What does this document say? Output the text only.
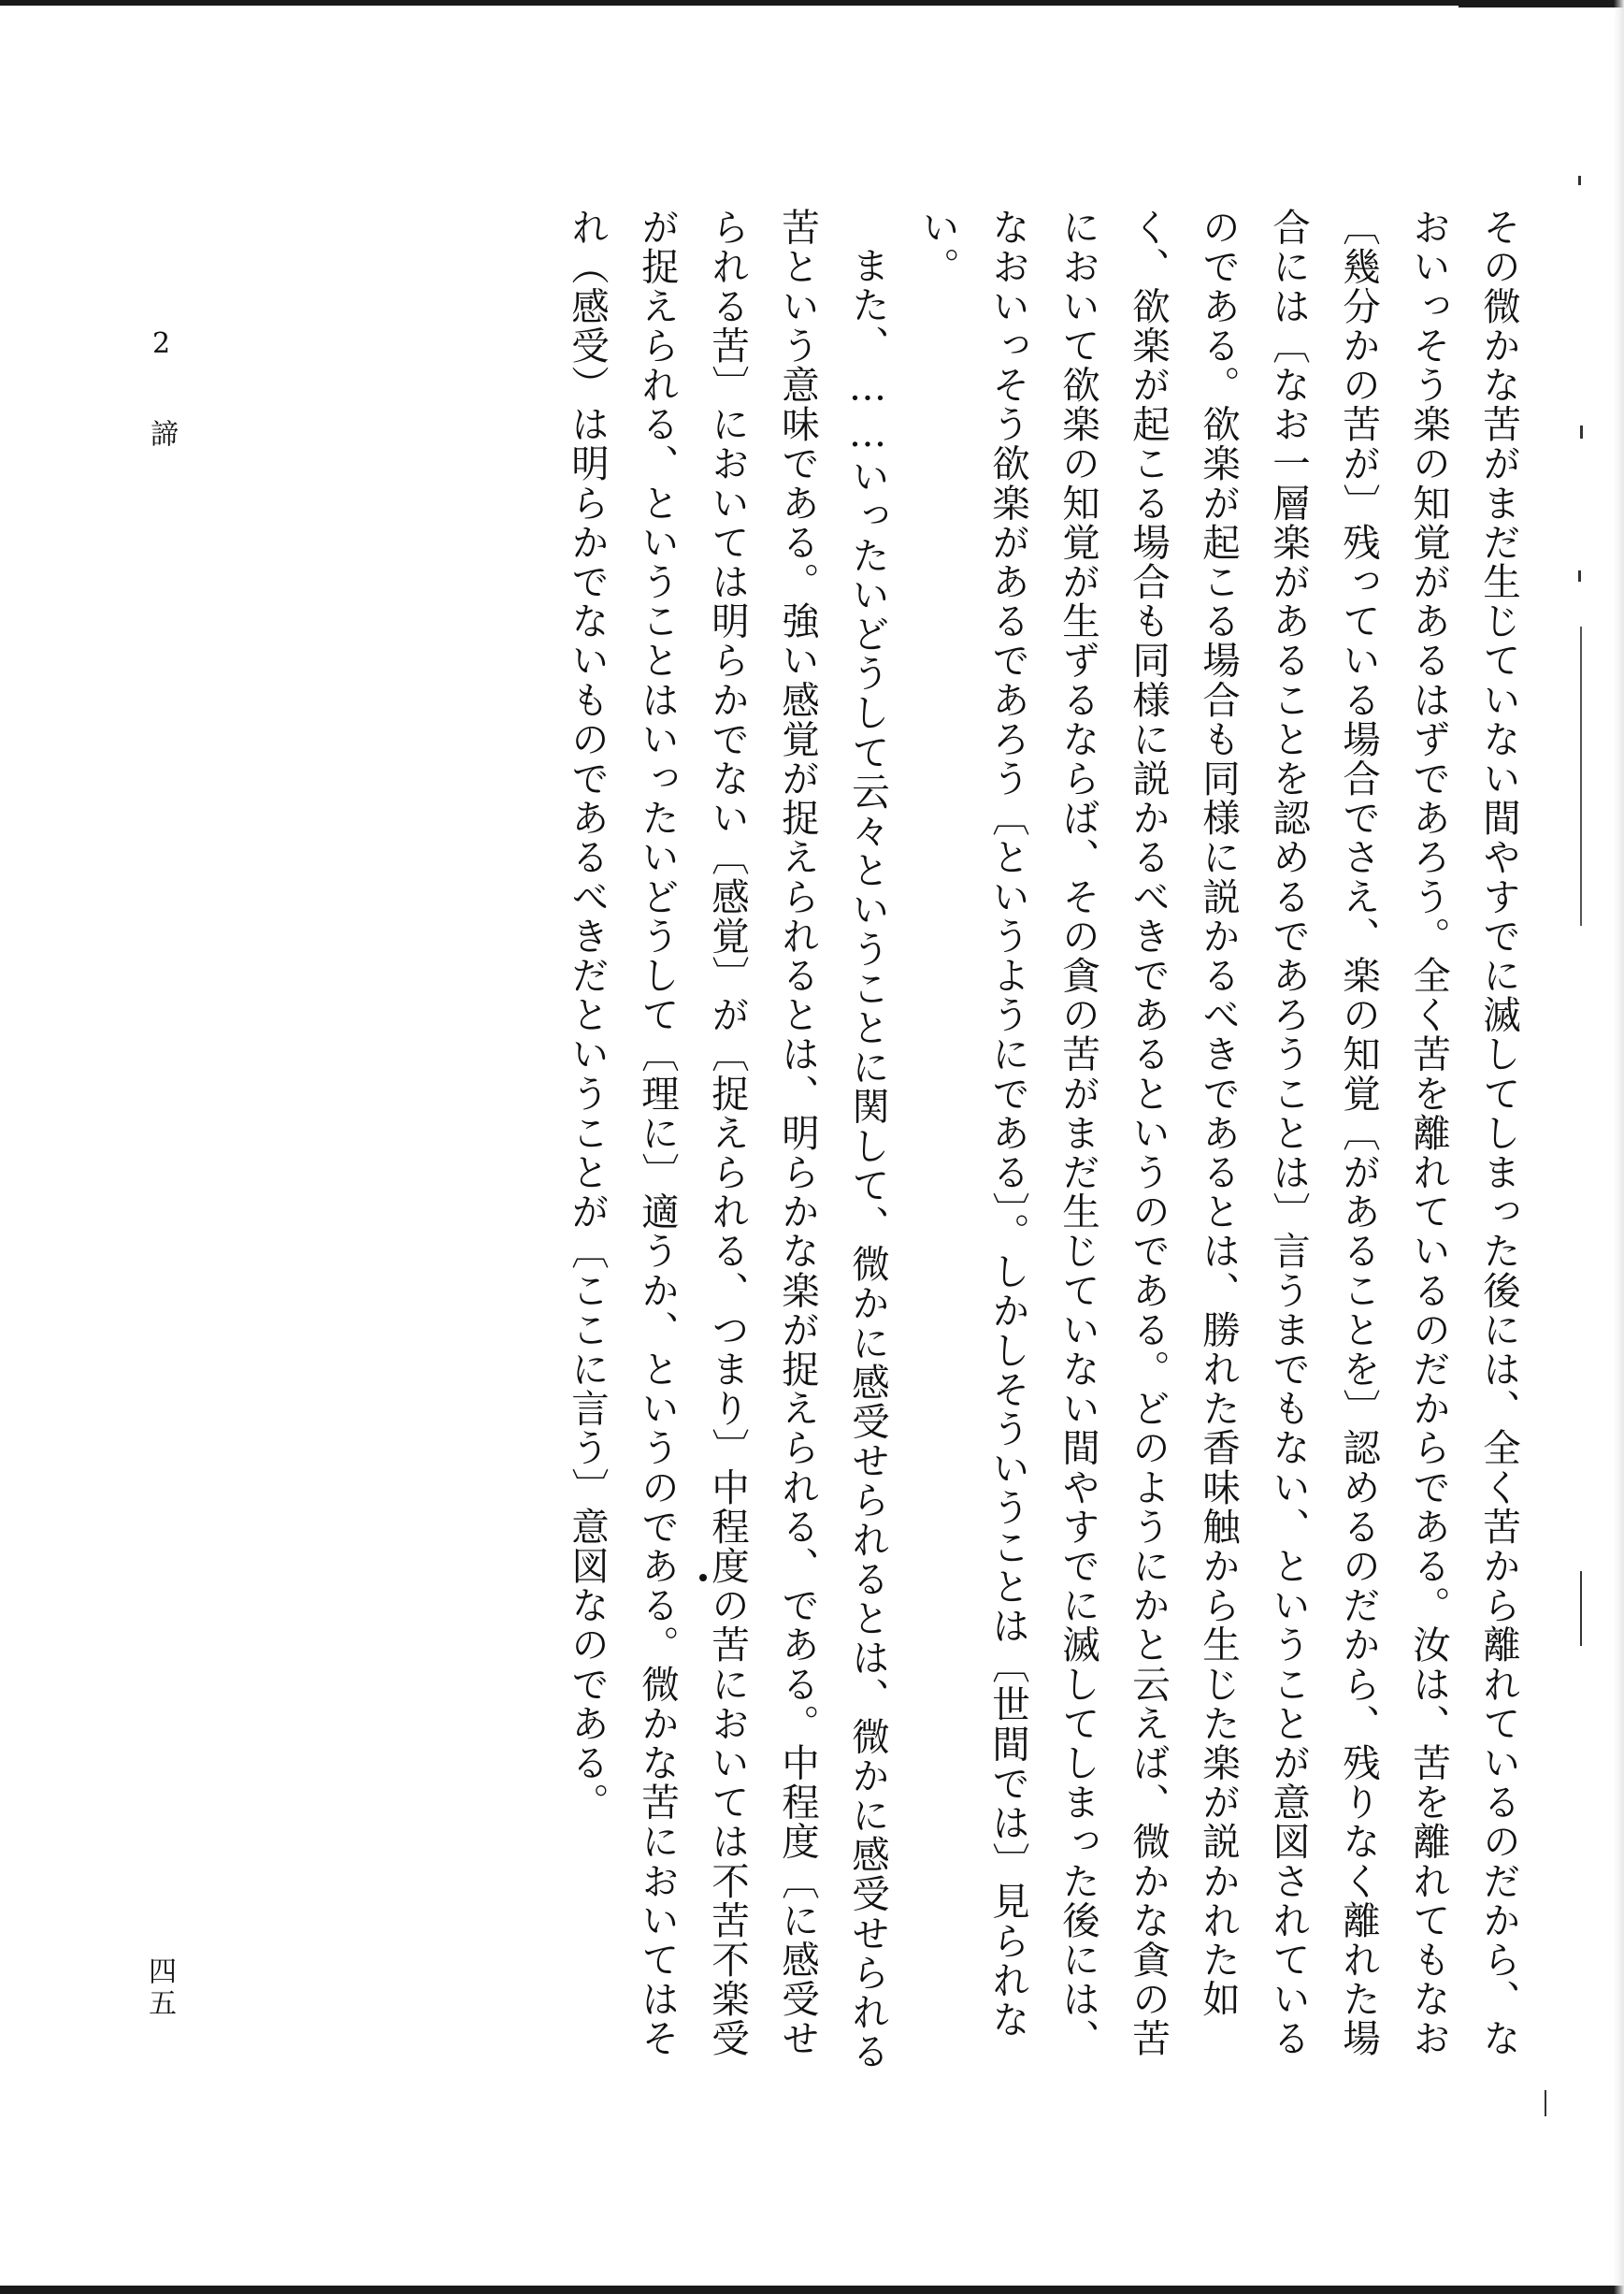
2 諦
四五	その微かな苦がまだ生じていない間やすでに滅してしまった後には、全く苦から離れているのだから、なおいっそう楽の知覚があるはずであろう。全く苦を離れているのだからである。汝は、苦を離れてもなお〔幾分かの苦が〕残っている場合でさえ、楽の知覚〔があることを〕認めるのだから、残りなく離れた場合には〔なお一層楽があることを認めるであろうことは〕言うまでもない、ということが意図されているのである。欲楽が起こる場合も同様に説かるべきであるとは、勝れた香味触から生じた楽が説かれた如く、欲楽が起こる場合も同様に説かるべきであるというのである。どのようにかと云えば、微かな貪の苦において欲楽の知覚が生ずるならば、その貪の苦がまだ生じていない間やすでに滅してしまった後には、なおいっそう欲楽があるであろう〔というようにである〕。しかしそういうことは〔世間では〕見られない。

また、……いったいどうして云々ということに関して、微かに感受せられるとは、微かに感受せられる苦という意味である。強い感覚が捉えられるとは、明らかな楽が捉えられる、である。中程度〔に感受せられる苦〕においては明らかでない〔感覚〕が〔捉えられる、つまり〕中程度の苦においては不苦不楽受が捉えられる、ということはいったいどうして〔理に〕適うか、というのである。微かな苦においてはそれ（感受）は明らかでないものであるべきだということが〔ここに言う〕意図なのである。
